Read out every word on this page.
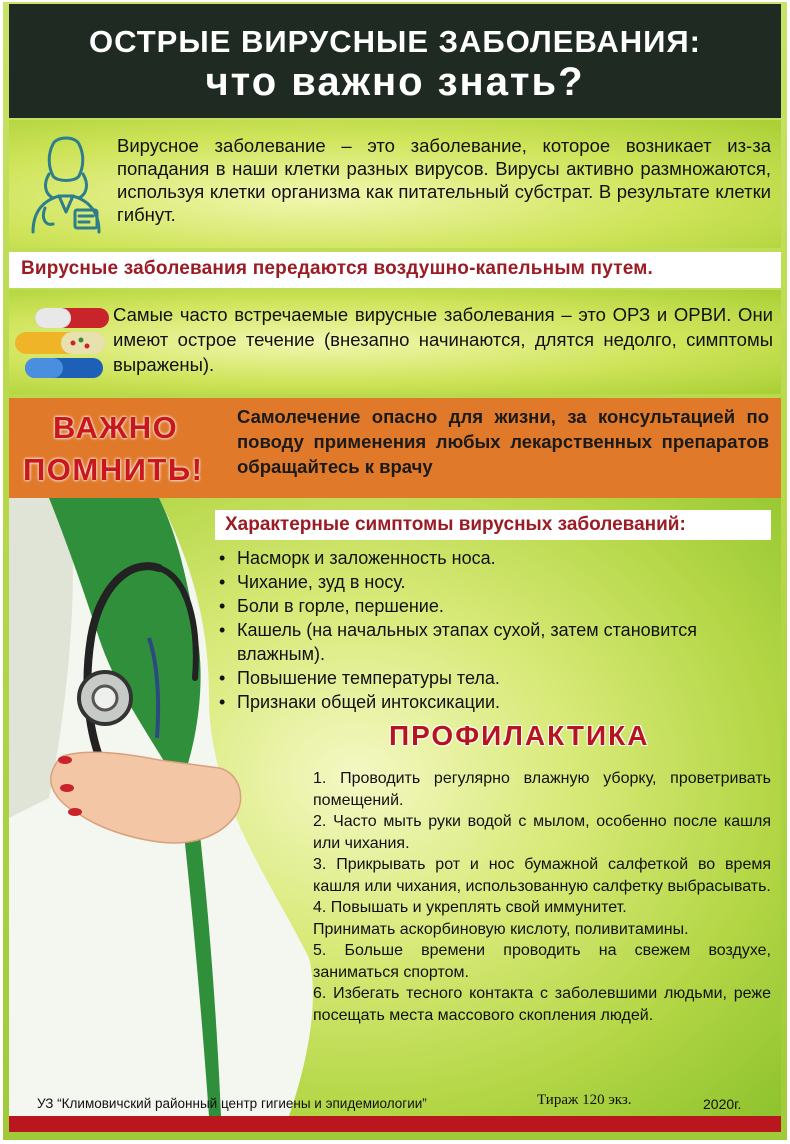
ОСТРЫЕ ВИРУСНЫЕ ЗАБОЛЕВАНИЯ:
что важно знать?

Вирусное заболевание – это заболевание, которое возникает из-за попадания в наши клетки разных вирусов. Вирусы активно размножаются, используя клетки организма как питательный субстрат. В результате клетки гибнут.

Вирусные заболевания передаются воздушно-капельным путем.

Самые часто встречаемые вирусные заболевания – это ОРЗ и ОРВИ. Они имеют острое течение (внезапно начинаются, длятся недолго, симптомы выражены).

ВАЖНО
ПОМНИТЬ!

Самолечение опасно для жизни, за консультацией по поводу применения любых лекарственных препаратов обращайтесь к врачу

Характерные симптомы вирусных заболеваний:
• Насморк и заложенность носа.
• Чихание, зуд в носу.
• Боли в горле, першение.
• Кашель (на начальных этапах сухой, затем становится влажным).
• Повышение температуры тела.
• Признаки общей интоксикации.
ПРОФИЛАКТИКА
1. Проводить регулярно влажную уборку, проветривать помещений.
2. Часто мыть руки водой с мылом, особенно после кашля или чихания.
3. Прикрывать рот и нос бумажной салфеткой во время кашля или чихания, использованную салфетку выбрасывать.
4. Повышать и укреплять свой иммунитет.
Принимать аскорбиновую кислоту, поливитамины.
5. Больше времени проводить на свежем воздухе, заниматься спортом.
6. Избегать тесного контакта с заболевшими людьми, реже посещать места массового скопления людей.
УЗ “Климовичский районный центр гигиены и эпидемиологии”	Тираж 120 экз.	2020г.
